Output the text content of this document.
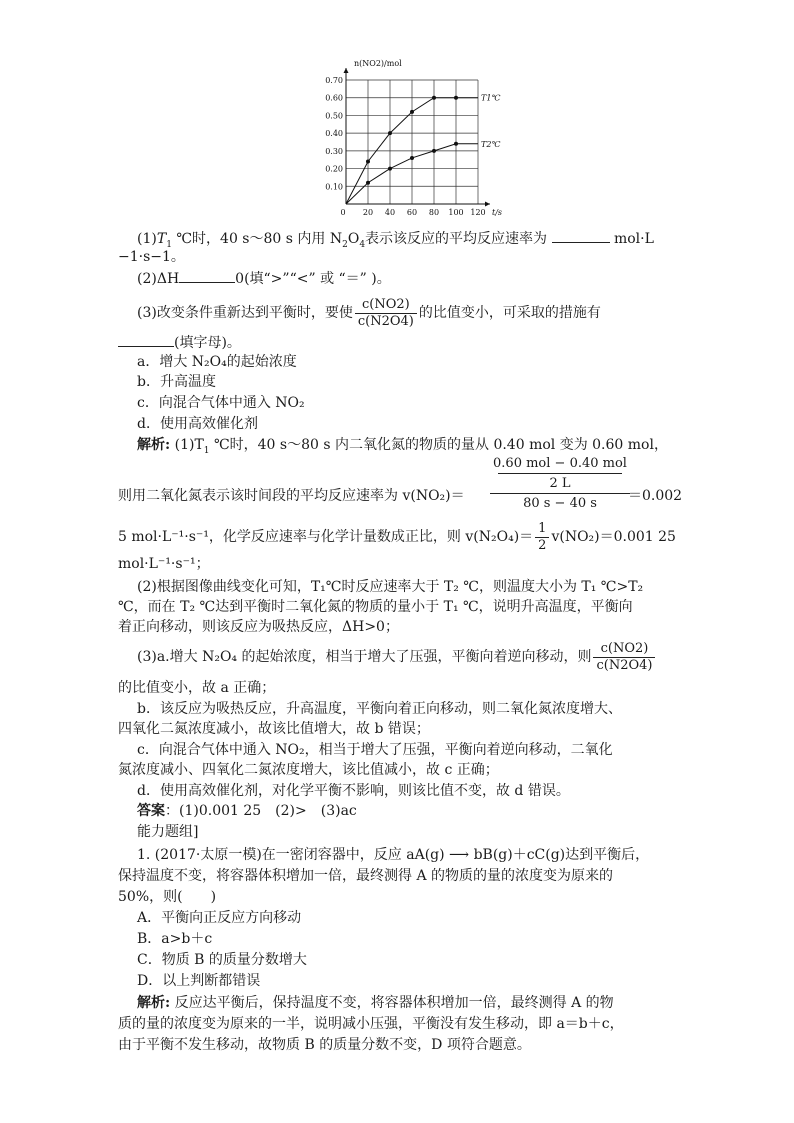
0 20 40 60 80 100 120
0.10
0.20
0.30
0.40
0.50
0.60
0.70
t/s
n(NO2)/mol
T1℃
T2℃
$(1)T_1$ ℃时，40 s～80 s 内用 $N_2O_4$表示该反应的平均反应速率为	mol·L
−1·s−1。
(2)ΔH	0(填“>”“<” 或 “＝” )。
(3)改变条件重新达到平衡时，要使 $\frac{c(NO2)}{c(N2O4)}$ 的比值变小，可采取的措施有
(填字母)。
a．增大 N₂O₄的起始浓度
b．升高温度
c．向混合气体中通入 NO₂
d．使用高效催化剂
解析: $(1)T_1$ ℃时，40 s～80 s 内二氧化氮的物质的量从 0.40 mol 变为 0.60 mol，
0.60 mol − 0.40 mol
2 L
80 s − 40 s
则用二氧化氮表示该时间段的平均反应速率为 v(NO₂)＝	＝0.002
5 mol·L⁻¹·s⁻¹，化学反应速率与化学计量数成正比，则 $v(N_2O_4)= \frac{1}{2} v(NO_2)=0.001$ 25
mol·L⁻¹·s⁻¹；
(2)根据图像曲线变化可知，T₁℃时反应速率大于 T₂ ℃，则温度大小为 T₁ ℃>T₂
℃，而在 T₂ ℃达到平衡时二氧化氮的物质的量小于 T₁ ℃，说明升高温度，平衡向
着正向移动，则该反应为吸热反应，ΔH>0；
(3)a.增大 N₂O₄ 的起始浓度，相当于增大了压强，平衡向着逆向移动，则 $\frac{c(NO2)}{c(N2O4)}$
的比值变小，故 a 正确；
b．该反应为吸热反应，升高温度，平衡向着正向移动，则二氧化氮浓度增大、
四氧化二氮浓度减小，故该比值增大，故 b 错误；
c．向混合气体中通入 NO₂，相当于增大了压强，平衡向着逆向移动，二氧化
氮浓度减小、四氧化二氮浓度增大，该比值减小，故 c 正确；
d．使用高效催化剂，对化学平衡不影响，则该比值不变，故 d 错误。
答案：(1)0.001 25　(2)>　(3)ac
能力题组]
1. (2017·太原一模)在一密闭容器中，反应 aA(g) ⟶ bB(g)＋cC(g)达到平衡后，
保持温度不变，将容器体积增加一倍，最终测得 A 的物质的量的浓度变为原来的
50%，则(　　)
A．平衡向正反应方向移动
B．a>b＋c
C．物质 B 的质量分数增大
D．以上判断都错误
解析: 反应达平衡后，保持温度不变，将容器体积增加一倍，最终测得 A 的物
质的量的浓度变为原来的一半，说明减小压强，平衡没有发生移动，即 a＝b＋c，
由于平衡不发生移动，故物质 B 的质量分数不变，D 项符合题意。
